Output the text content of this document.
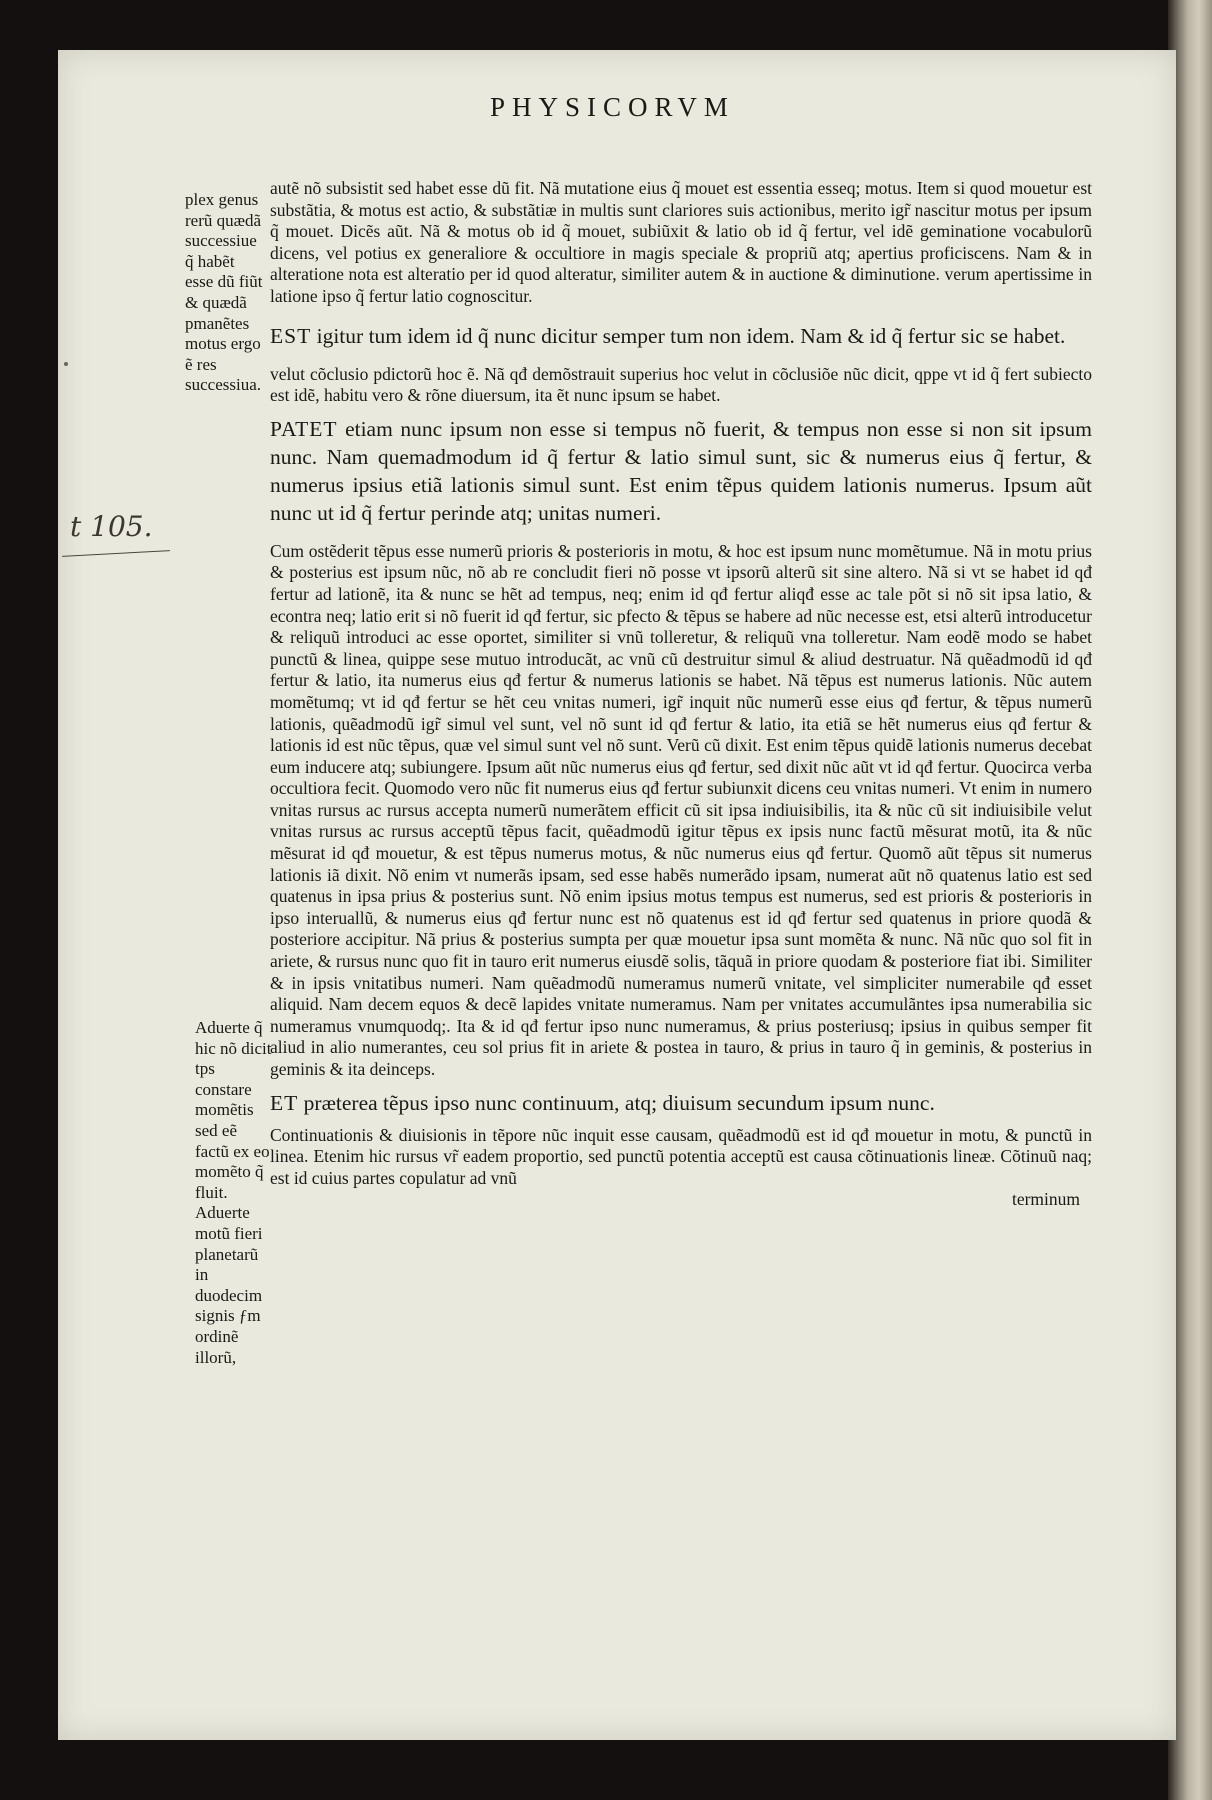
PHYSICORVM
plex genus rerũ quædã successiue q̃ habẽt esse dũ fiũt & quædã pmanẽtes motus ergo ẽ res successiua.
Aduerte q̃ hic nõ dicit tps constare momẽtis sed eẽ factũ ex eo momẽto q̃ fluit. Aduerte motũ fieri planetarũ in duodecim signis ƒm ordinẽ illorũ,
t 105.

autẽ nõ subsistit sed habet esse dũ fit. Nã mutatione eius q̃ mouet est essentia esseq; motus. Item si quod mouetur est substãtia, & motus est actio, & substãtiæ in multis sunt clariores suis actionibus, merito igr̃ nascitur motus per ipsum q̃ mouet. Dicẽs aũt. Nã & motus ob id q̃ mouet, subiũxit & latio ob id q̃ fertur, vel idẽ geminatione vocabulorũ dicens, vel potius ex generaliore & occultiore in magis speciale & propriũ atq; apertius proficiscens. Nam & in alteratione nota est alteratio per id quod alteratur, similiter autem & in auctione & diminutione. verum apertissime in latione ipso q̃ fertur latio cognoscitur.

EST igitur tum idem id q̃ nunc dicitur semper tum non idem. Nam & id q̃ fertur sic se habet.

velut cõclusio pdictorũ hoc ẽ. Nã qđ demõstrauit superius hoc velut in cõclusiõe nũc dicit, qppe vt id q̃ fert subiecto est idẽ, habitu vero & rõne diuersum, ita ẽt nunc ipsum se habet.

PATET etiam nunc ipsum non esse si tempus nõ fuerit, & tempus non esse si non sit ipsum nunc. Nam quemadmodum id q̃ fertur & latio simul sunt, sic & numerus eius q̃ fertur, & numerus ipsius etiã lationis simul sunt. Est enim tẽpus quidem lationis numerus. Ipsum aũt nunc ut id q̃ fertur perinde atq; unitas numeri.

Cum ostẽderit tẽpus esse numerũ prioris & posterioris in motu, & hoc est ipsum nunc momẽtumue. Nã in motu prius & posterius est ipsum nũc, nõ ab re concludit fieri nõ posse vt ipsorũ alterũ sit sine altero. Nã si vt se habet id qđ fertur ad lationẽ, ita & nunc se hẽt ad tempus, neq; enim id qđ fertur aliqđ esse ac tale põt si nõ sit ipsa latio, & econtra neq; latio erit si nõ fuerit id qđ fertur, sic pfecto & tẽpus se habere ad nũc necesse est, etsi alterũ introducetur & reliquũ introduci ac esse oportet, similiter si vnũ tolleretur, & reliquũ vna tolleretur. Nam eodẽ modo se habet punctũ & linea, quippe sese mutuo introducãt, ac vnũ cũ destruitur simul & aliud destruatur. Nã quẽadmodũ id qđ fertur & latio, ita numerus eius qđ fertur & numerus lationis se habet. Nã tẽpus est numerus lationis. Nũc autem momẽtumq; vt id qđ fertur se hẽt ceu vnitas numeri, igr̃ inquit nũc numerũ esse eius qđ fertur, & tẽpus numerũ lationis, quẽadmodũ igr̃ simul vel sunt, vel nõ sunt id qđ fertur & latio, ita etiã se hẽt numerus eius qđ fertur & lationis id est nũc tẽpus, quæ vel simul sunt vel nõ sunt. Verũ cũ dixit. Est enim tẽpus quidẽ lationis numerus decebat eum inducere atq; subiungere. Ipsum aũt nũc numerus eius qđ fertur, sed dixit nũc aũt vt id qđ fertur. Quocirca verba occultiora fecit. Quomodo vero nũc fit numerus eius qđ fertur subiunxit dicens ceu vnitas numeri. Vt enim in numero vnitas rursus ac rursus accepta numerũ numerãtem efficit cũ sit ipsa indiuisibilis, ita & nũc cũ sit indiuisibile velut vnitas rursus ac rursus acceptũ tẽpus facit, quẽadmodũ igitur tẽpus ex ipsis nunc factũ mẽsurat motũ, ita & nũc mẽsurat id qđ mouetur, & est tẽpus numerus motus, & nũc numerus eius qđ fertur. Quomõ aũt tẽpus sit numerus lationis iã dixit. Nõ enim vt numerãs ipsam, sed esse habẽs numerãdo ipsam, numerat aũt nõ quatenus latio est sed quatenus in ipsa prius & posterius sunt. Nõ enim ipsius motus tempus est numerus, sed est prioris & posterioris in ipso interuallũ, & numerus eius qđ fertur nunc est nõ quatenus est id qđ fertur sed quatenus in priore quodã & posteriore accipitur. Nã prius & posterius sumpta per quæ mouetur ipsa sunt momẽta & nunc. Nã nũc quo sol fit in ariete, & rursus nunc quo fit in tauro erit numerus eiusdẽ solis, tãquã in priore quodam & posteriore fiat ibi. Similiter & in ipsis vnitatibus numeri. Nam quẽadmodũ numeramus numerũ vnitate, vel simpliciter numerabile qđ esset aliquid. Nam decem equos & decẽ lapides vnitate numeramus. Nam per vnitates accumulãntes ipsa numerabilia sic numeramus vnumquodq;. Ita & id qđ fertur ipso nunc numeramus, & prius posteriusq; ipsius in quibus semper fit aliud in alio numerantes, ceu sol prius fit in ariete & postea in tauro, & prius in tauro q̃ in geminis, & posterius in geminis & ita deinceps.

ET præterea tẽpus ipso nunc continuum, atq; diuisum secundum ipsum nunc.

Continuationis & diuisionis in tẽpore nũc inquit esse causam, quẽadmodũ est id qđ mouetur in motu, & punctũ in linea. Etenim hic rursus vr̃ eadem proportio, sed punctũ potentia acceptũ est causa cõtinuationis lineæ. Cõtinuũ naq; est id cuius partes copulatur ad vnũ

terminum
